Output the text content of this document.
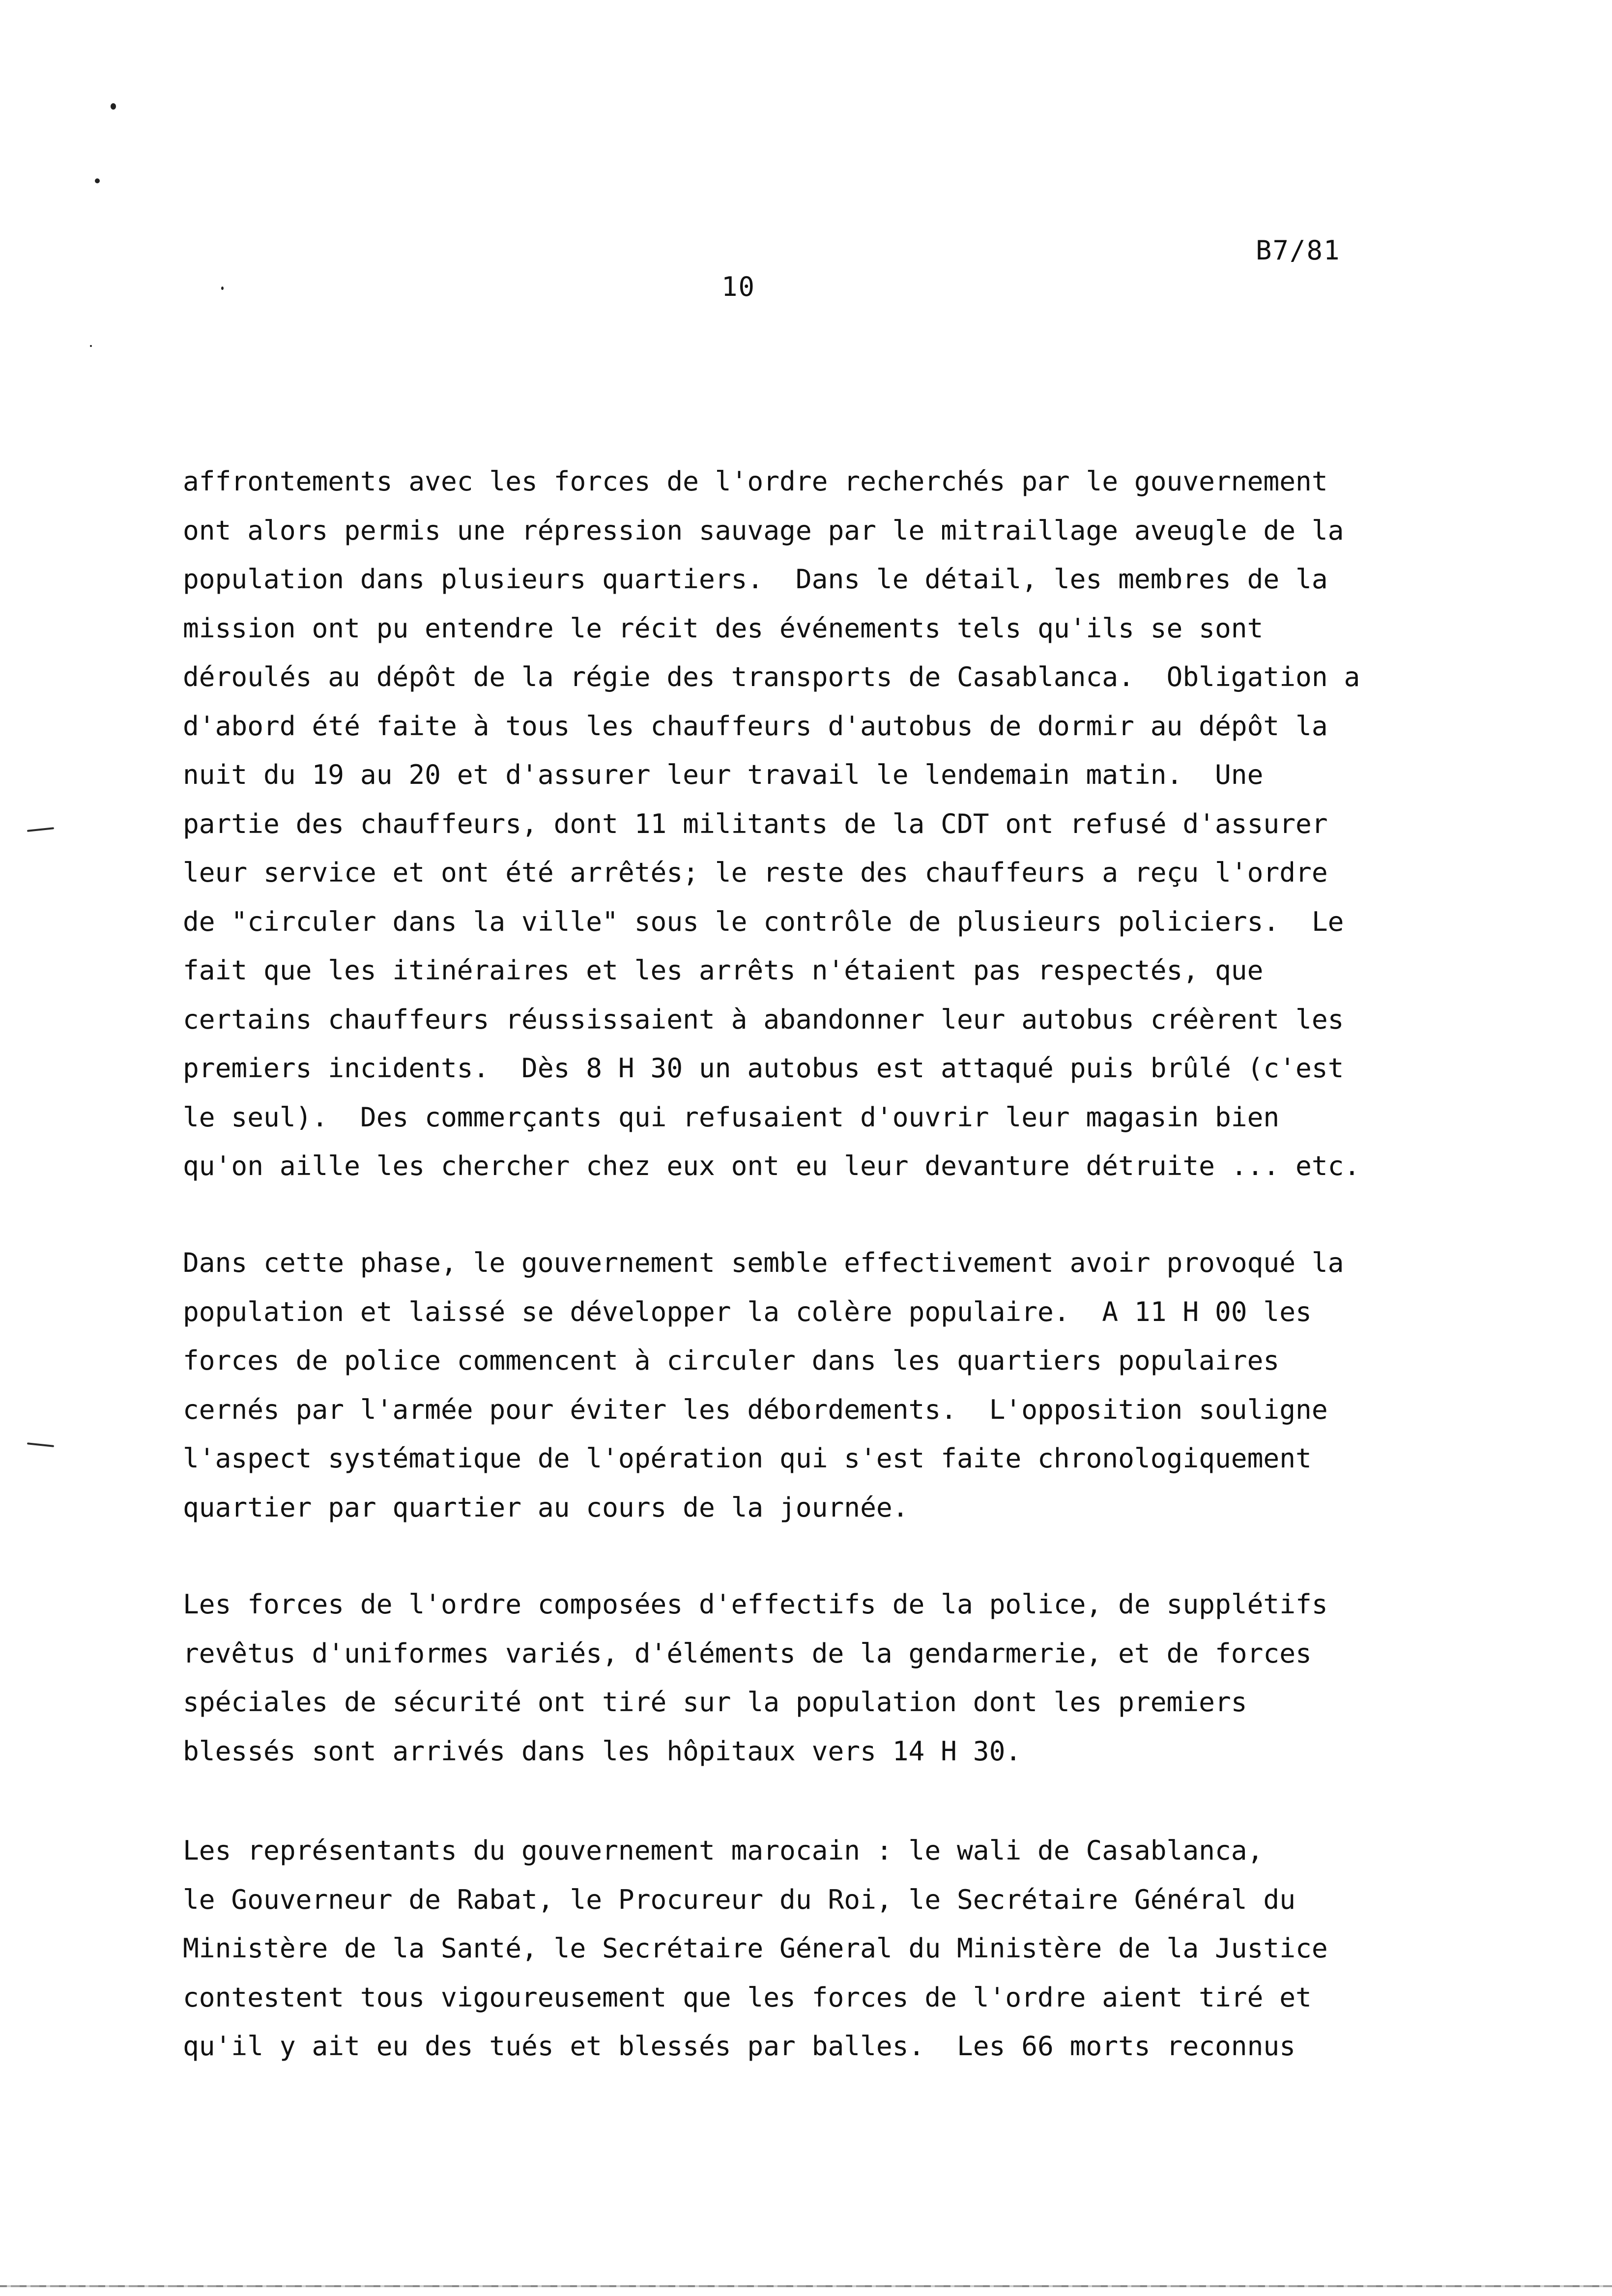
B7/81
10
affrontements avec les forces de l'ordre recherchés par le gouvernement
ont alors permis une répression sauvage par le mitraillage aveugle de la
population dans plusieurs quartiers.  Dans le détail, les membres de la
mission ont pu entendre le récit des événements tels qu'ils se sont
déroulés au dépôt de la régie des transports de Casablanca.  Obligation a
d'abord été faite à tous les chauffeurs d'autobus de dormir au dépôt la
nuit du 19 au 20 et d'assurer leur travail le lendemain matin.  Une
partie des chauffeurs, dont 11 militants de la CDT ont refusé d'assurer
leur service et ont été arrêtés; le reste des chauffeurs a reçu l'ordre
de "circuler dans la ville" sous le contrôle de plusieurs policiers.  Le
fait que les itinéraires et les arrêts n'étaient pas respectés, que
certains chauffeurs réussissaient à abandonner leur autobus créèrent les
premiers incidents.  Dès 8 H 30 un autobus est attaqué puis brûlé (c'est
le seul).  Des commerçants qui refusaient d'ouvrir leur magasin bien
qu'on aille les chercher chez eux ont eu leur devanture détruite ... etc.
Dans cette phase, le gouvernement semble effectivement avoir provoqué la
population et laissé se développer la colère populaire.  A 11 H 00 les
forces de police commencent à circuler dans les quartiers populaires
cernés par l'armée pour éviter les débordements.  L'opposition souligne
l'aspect systématique de l'opération qui s'est faite chronologiquement
quartier par quartier au cours de la journée.
Les forces de l'ordre composées d'effectifs de la police, de supplétifs
revêtus d'uniformes variés, d'éléments de la gendarmerie, et de forces
spéciales de sécurité ont tiré sur la population dont les premiers
blessés sont arrivés dans les hôpitaux vers 14 H 30.
Les représentants du gouvernement marocain : le wali de Casablanca,
le Gouverneur de Rabat, le Procureur du Roi, le Secrétaire Général du
Ministère de la Santé, le Secrétaire Géneral du Ministère de la Justice
contestent tous vigoureusement que les forces de l'ordre aient tiré et
qu'il y ait eu des tués et blessés par balles.  Les 66 morts reconnus
